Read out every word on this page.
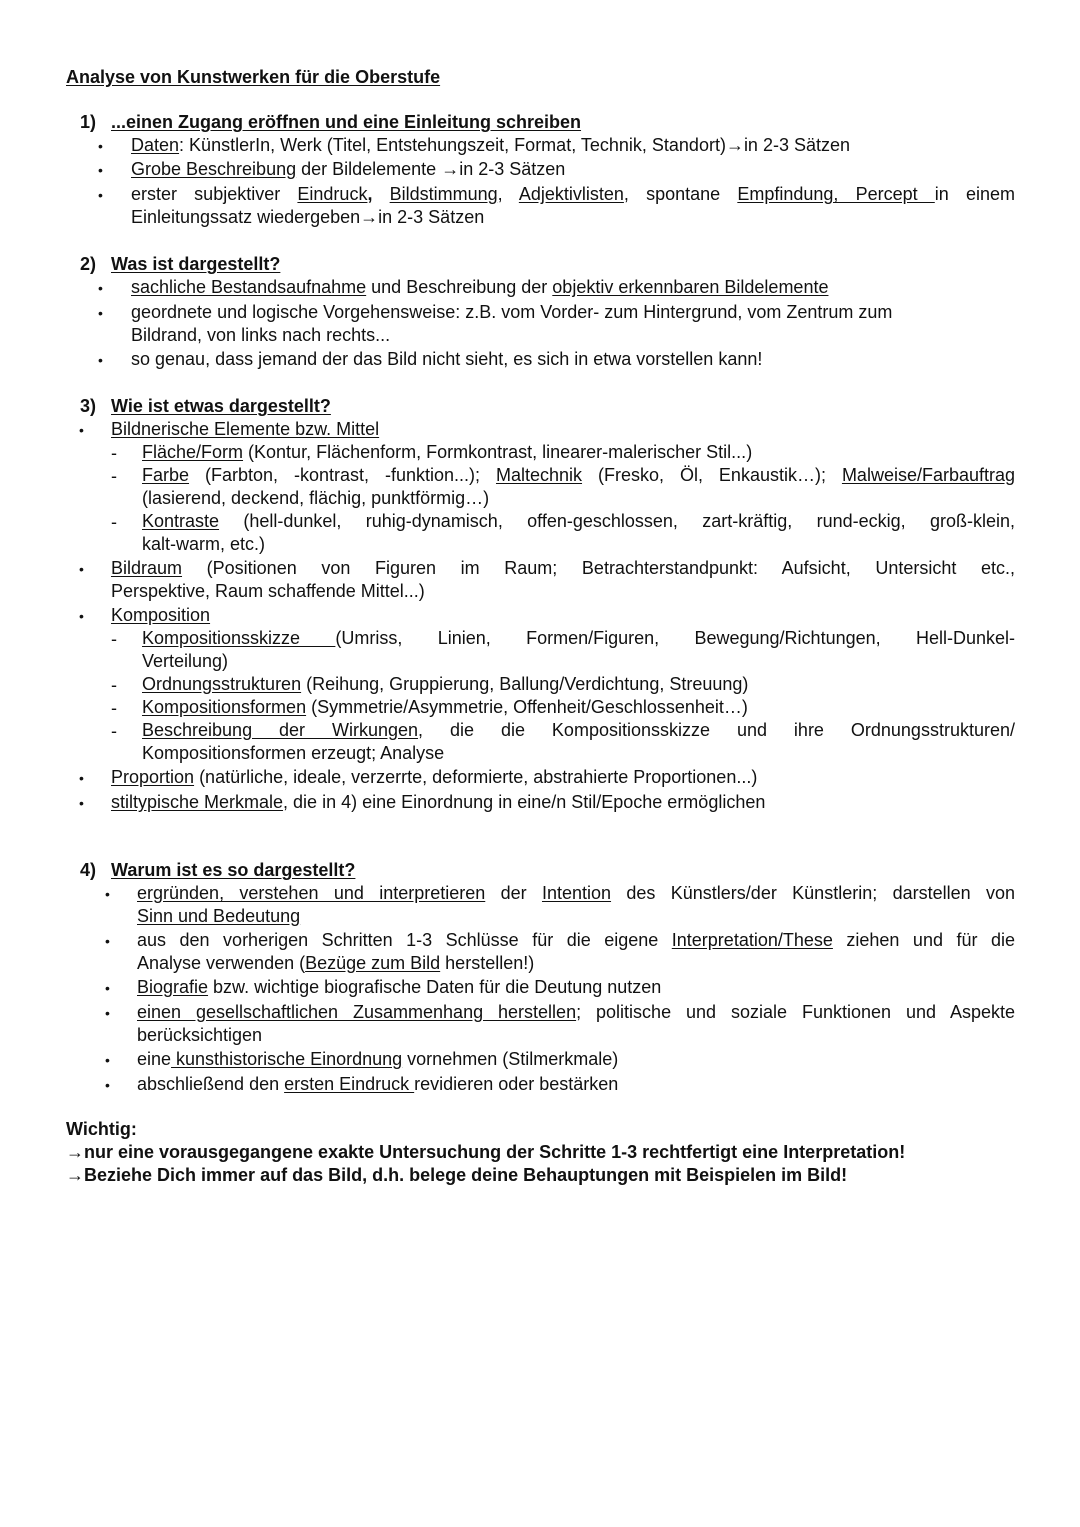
Analyse von Kunstwerken für die Oberstufe
1) ...einen Zugang eröffnen und eine Einleitung schreiben
• Daten: KünstlerIn, Werk (Titel, Entstehungszeit, Format, Technik, Standort)→in 2-3 Sätzen
• Grobe Beschreibung der Bildelemente →in 2-3 Sätzen
• erster subjektiver Eindruck, Bildstimmung, Adjektivlisten, spontane Empfindung, Percept in einem
Einleitungssatz wiedergeben→in 2-3 Sätzen
2) Was ist dargestellt?
• sachliche Bestandsaufnahme und Beschreibung der objektiv erkennbaren Bildelemente
• geordnete und logische Vorgehensweise: z.B. vom Vorder- zum Hintergrund, vom Zentrum zum
Bildrand, von links nach rechts...
• so genau, dass jemand der das Bild nicht sieht, es sich in etwa vorstellen kann!
3) Wie ist etwas dargestellt?
• Bildnerische Elemente bzw. Mittel
- Fläche/Form (Kontur, Flächenform, Formkontrast, linearer-malerischer Stil...)
- Farbe (Farbton, -kontrast, -funktion...); Maltechnik (Fresko, Öl, Enkaustik…); Malweise/Farbauftrag
(lasierend, deckend, flächig, punktförmig…)
- Kontraste (hell-dunkel, ruhig-dynamisch, offen-geschlossen, zart-kräftig, rund-eckig, groß-klein,
kalt-warm, etc.)
• Bildraum (Positionen von Figuren im Raum; Betrachterstandpunkt: Aufsicht, Untersicht etc.,
Perspektive, Raum schaffende Mittel...)
• Komposition
- Kompositionsskizze (Umriss, Linien, Formen/Figuren, Bewegung/Richtungen, Hell-Dunkel-
Verteilung)
- Ordnungsstrukturen (Reihung, Gruppierung, Ballung/Verdichtung, Streuung)
- Kompositionsformen (Symmetrie/Asymmetrie, Offenheit/Geschlossenheit…)
- Beschreibung der Wirkungen, die die Kompositionsskizze und ihre Ordnungsstrukturen/
Kompositionsformen erzeugt; Analyse
• Proportion (natürliche, ideale, verzerrte, deformierte, abstrahierte Proportionen...)
• stiltypische Merkmale, die in 4) eine Einordnung in eine/n Stil/Epoche ermöglichen
4) Warum ist es so dargestellt?
• ergründen, verstehen und interpretieren der Intention des Künstlers/der Künstlerin; darstellen von
Sinn und Bedeutung
• aus den vorherigen Schritten 1-3 Schlüsse für die eigene Interpretation/These ziehen und für die
Analyse verwenden (Bezüge zum Bild herstellen!)
• Biografie bzw. wichtige biografische Daten für die Deutung nutzen
• einen gesellschaftlichen Zusammenhang herstellen; politische und soziale Funktionen und Aspekte
berücksichtigen
• eine kunsthistorische Einordnung vornehmen (Stilmerkmale)
• abschließend den ersten Eindruck revidieren oder bestärken
Wichtig:
→nur eine vorausgegangene exakte Untersuchung der Schritte 1-3 rechtfertigt eine Interpretation!
→Beziehe Dich immer auf das Bild, d.h. belege deine Behauptungen mit Beispielen im Bild!
